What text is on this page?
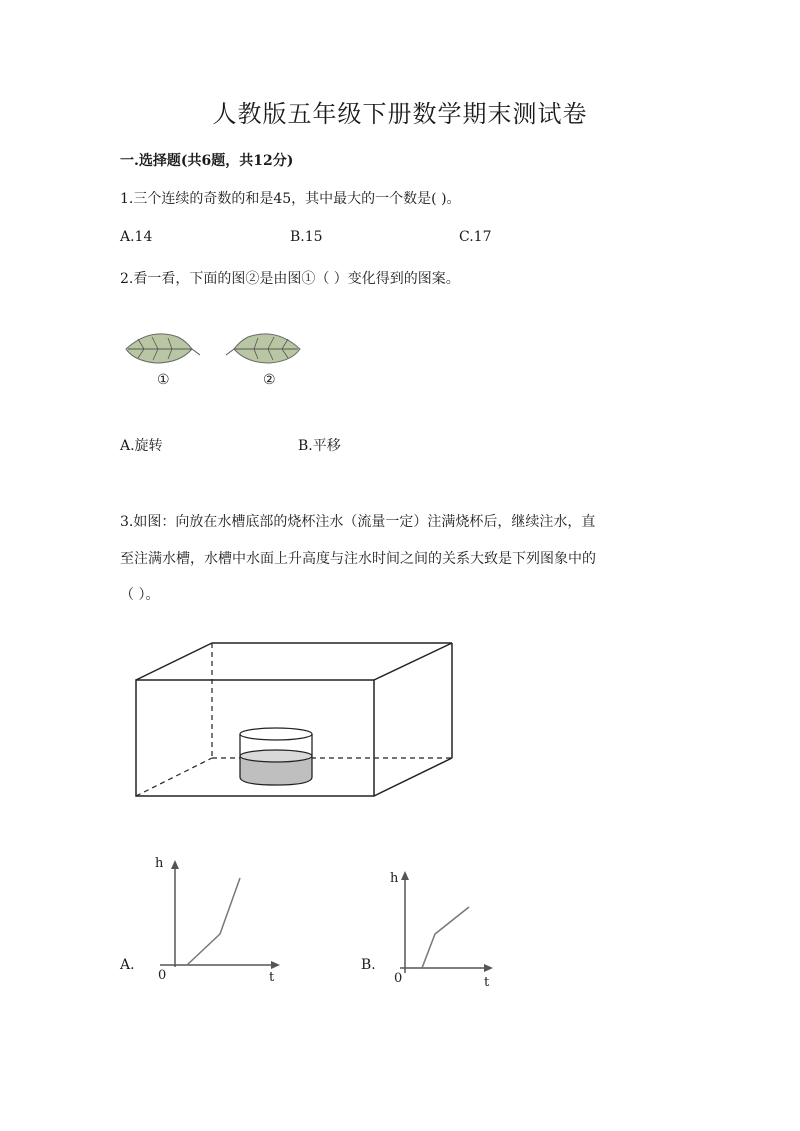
人教版五年级下册数学期末测试卷
一.选择题(共6题，共12分)
1.三个连续的奇数的和是45，其中最大的一个数是( )。
A.14	B.15	C.17
2.看一看，下面的图②是由图①（ ）变化得到的图案。
①	②
A.旋转	B.平移
3.如图：向放在水槽底部的烧杯注水（流量一定）注满烧杯后，继续注水，直
至注满水槽，水槽中水面上升高度与注水时间之间的关系大致是下列图象中的
（ ）。
A.
h
t
0
B.
h
t
0
